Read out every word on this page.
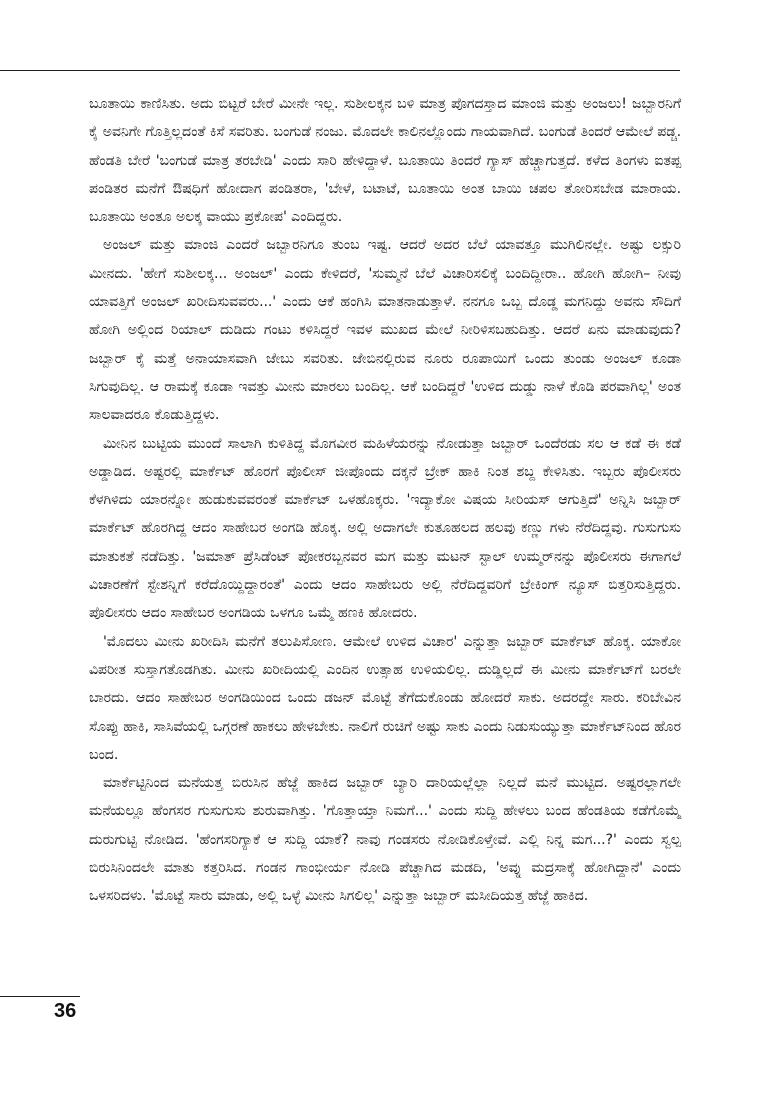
ಬೂತಾಯಿ ಕಾಣಿಸಿತು. ಅದು ಬಿಟ್ಟರೆ ಬೇರೆ ಮೀನೇ ಇಲ್ಲ. ಸುಶೀಲಕ್ಕನ ಬಳಿ ಮಾತ್ರ ಪೊಗದಸ್ತಾದ ಮಾಂಜಿ ಮತ್ತು ಅಂಜಲು! ಜಬ್ಬಾರನಿಗೆ ಕೈ ಅವನಿಗೇ ಗೊತ್ತಿಲ್ಲದಂತೆ ಕಿಸೆ ಸವರಿತು. ಬಂಗುಡೆ ನಂಜು. ಮೊದಲೇ ಕಾಲಿನಲ್ಲೊಂದು ಗಾಯವಾಗಿದೆ. ಬಂಗುಡೆ ತಿಂದರೆ ಆಮೇಲೆ ಪಡ್ಚ. ಹೆಂಡತಿ ಬೇರೆ 'ಬಂಗುಡೆ ಮಾತ್ರ ತರಬೇಡಿ' ಎಂದು ಸಾರಿ ಹೇಳಿದ್ದಾಳೆ. ಬೂತಾಯಿ ತಿಂದರೆ ಗ್ಯಾಸ್ ಹೆಚ್ಚಾಗುತ್ತದೆ. ಕಳೆದ ತಿಂಗಳು ಐತಪ್ಪ ಪಂಡಿತರ ಮನೆಗೆ ಔಷಧಿಗೆ ಹೋದಾಗ ಪಂಡಿತರಾ, 'ಬೇಳೆ, ಬಟಾಟೆ, ಬೂತಾಯಿ ಅಂತ ಬಾಯಿ ಚಪಲ ತೋರಿಸಬೇಡ ಮಾರಾಯ. ಬೂತಾಯಿ ಅಂತೂ ಅಲಕ್ಕ ವಾಯು ಪ್ರಕೋಪ' ಎಂದಿದ್ದರು.

ಅಂಜಲ್ ಮತ್ತು ಮಾಂಜಿ ಎಂದರೆ ಜಬ್ಬಾರನಿಗೂ ತುಂಬ ಇಷ್ಟ. ಆದರೆ ಅದರ ಬೆಲೆ ಯಾವತ್ತೂ ಮುಗಿಲಿನಲ್ಲೇ. ಅಷ್ಟು ಲಕ್ಸುರಿ ಮೀನದು. 'ಹೇಗೆ ಸುಶೀಲಕ್ಕ... ಅಂಜಲ್' ಎಂದು ಕೇಳಿದರೆ, 'ಸುಮ್ಮನೆ ಬೆಲೆ ವಿಚಾರಿಸಲಿಕ್ಕೆ ಬಂದಿದ್ದೀರಾ.. ಹೋಗಿ ಹೋಗಿ– ನೀವು ಯಾವತ್ತಿಗೆ ಅಂಜಲ್ ಖರೀದಿಸುವವರು...' ಎಂದು ಆಕೆ ಹಂಗಿಸಿ ಮಾತನಾಡುತ್ತಾಳೆ. ನನಗೂ ಒಬ್ಬ ದೊಡ್ಡ ಮಗನಿದ್ದು ಅವನು ಸೌದಿಗೆ ಹೋಗಿ ಅಲ್ಲಿಂದ ರಿಯಾಲ್ ದುಡಿದು ಗಂಟು ಕಳಿಸಿದ್ದರೆ ಇವಳ ಮುಖದ ಮೇಲೆ ನೀರಿಳಿಸಬಹುದಿತ್ತು. ಆದರೆ ಏನು ಮಾಡುವುದು? ಜಬ್ಬಾರ್ ಕೈ ಮತ್ತೆ ಅನಾಯಾಸವಾಗಿ ಜೇಬು ಸವರಿತು. ಜೇಬಿನಲ್ಲಿರುವ ನೂರು ರೂಪಾಯಿಗೆ ಒಂದು ತುಂಡು ಅಂಜಲ್ ಕೂಡಾ ಸಿಗುವುದಿಲ್ಲ. ಆ ರಾಮಕ್ಕೆ ಕೂಡಾ ಇವತ್ತು ಮೀನು ಮಾರಲು ಬಂದಿಲ್ಲ. ಆಕೆ ಬಂದಿದ್ದರೆ 'ಉಳಿದ ದುಡ್ಡು ನಾಳೆ ಕೊಡಿ ಪರವಾಗಿಲ್ಲ' ಅಂತ ಸಾಲವಾದರೂ ಕೊಡುತ್ತಿದ್ದಳು.

ಮೀನಿನ ಬುಟ್ಟಿಯ ಮುಂದೆ ಸಾಲಾಗಿ ಕುಳಿತಿದ್ದ ಮೊಗವೀರ ಮಹಿಳೆಯರನ್ನು ನೋಡುತ್ತಾ ಜಬ್ಬಾರ್ ಒಂದೆರಡು ಸಲ ಆ ಕಡೆ ಈ ಕಡೆ ಅಡ್ಡಾಡಿದ. ಅಷ್ಟರಲ್ಲಿ ಮಾರ್ಕೆಟ್ ಹೊರಗೆ ಪೊಲೀಸ್ ಜೀಪೊಂದು ದಕ್ಕನೆ ಬ್ರೇಕ್ ಹಾಕಿ ನಿಂತ ಶಬ್ದ ಕೇಳಿಸಿತು. ಇಬ್ಬರು ಪೊಲೀಸರು ಕೆಳಗಿಳಿದು ಯಾರನ್ನೋ ಹುಡುಕುವವರಂತೆ ಮಾರ್ಕೆಟ್ ಒಳಹೊಕ್ಕರು. 'ಇದ್ಯಾಕೋ ವಿಷಯ ಸೀರಿಯಸ್ ಆಗುತ್ತಿದೆ' ಅನ್ನಿಸಿ ಜಬ್ಬಾರ್ ಮಾರ್ಕೆಟ್ ಹೊರಗಿದ್ದ ಆದಂ ಸಾಹೇಬರ ಅಂಗಡಿ ಹೊಕ್ಕ. ಅಲ್ಲಿ ಅದಾಗಲೇ ಕುತೂಹಲದ ಹಲವು ಕಣ್ಣು ಗಳು ನೆರೆದಿದ್ದವು. ಗುಸುಗುಸು ಮಾತುಕತೆ ನಡೆದಿತ್ತು. 'ಜಮಾತ್ ಪ್ರೆಸಿಡೆಂಟ್ ಪೋಕರಬ್ಬನವರ ಮಗ ಮತ್ತು ಮಟನ್ ಸ್ಟಾಲ್ ಉಮ್ಮರ್‌ನನ್ನು ಪೊಲೀಸರು ಈಗಾಗಲೆ ವಿಚಾರಣೆಗೆ ಸ್ಟೇಶನ್ನಿಗೆ ಕರೆದೊಯ್ದಿದ್ದಾರಂತೆ' ಎಂದು ಆದಂ ಸಾಹೇಬರು ಅಲ್ಲಿ ನೆರೆದಿದ್ದವರಿಗೆ ಬ್ರೇಕಿಂಗ್ ನ್ಯೂಸ್ ಬಿತ್ತರಿಸುತ್ತಿದ್ದರು. ಪೊಲೀಸರು ಆದಂ ಸಾಹೇಬರ ಅಂಗಡಿಯ ಒಳಗೂ ಒಮ್ಮೆ ಹಣಕಿ ಹೋದರು.

'ಮೊದಲು ಮೀನು ಖರೀದಿಸಿ ಮನೆಗೆ ತಲುಪಿಸೋಣ. ಆಮೇಲೆ ಉಳಿದ ವಿಚಾರ' ಎನ್ನುತ್ತಾ ಜಬ್ಬಾರ್ ಮಾರ್ಕೆಟ್ ಹೊಕ್ಕ. ಯಾಕೋ ವಿಪರೀತ ಸುಸ್ತಾಗತೊಡಗಿತು. ಮೀನು ಖರೀದಿಯಲ್ಲಿ ಎಂದಿನ ಉತ್ಸಾಹ ಉಳಿಯಲಿಲ್ಲ. ದುಡ್ಡಿಲ್ಲದೆ ಈ ಮೀನು ಮಾರ್ಕೆಟ್‌ಗೆ ಬರಲೇ ಬಾರದು. ಆದಂ ಸಾಹೇಬರ ಅಂಗಡಿಯಿಂದ ಒಂದು ಡಜನ್ ಮೊಟ್ಟೆ ತೆಗೆದುಕೊಂಡು ಹೋದರೆ ಸಾಕು. ಅದರದ್ದೇ ಸಾರು. ಕರಿಬೇವಿನ ಸೊಪ್ಪು ಹಾಕಿ, ಸಾಸಿವೆಯಲ್ಲಿ ಒಗ್ಗರಣೆ ಹಾಕಲು ಹೇಳಬೇಕು. ನಾಲಿಗೆ ರುಚಿಗೆ ಅಷ್ಟು ಸಾಕು ಎಂದು ನಿಡುಸುಯ್ಯುತ್ತಾ ಮಾರ್ಕೆಟ್‌ನಿಂದ ಹೊರ ಬಂದ.

ಮಾರ್ಕೆಟ್ಟಿನಿಂದ ಮನೆಯತ್ತ ಬಿರುಸಿನ ಹೆಜ್ಜೆ ಹಾಕಿದ ಜಬ್ಬಾರ್ ಬ್ಯಾರಿ ದಾರಿಯಲ್ಲೆಲ್ಲಾ ನಿಲ್ಲದೆ ಮನೆ ಮುಟ್ಟಿದ. ಅಷ್ಟರಲ್ಲಾಗಲೇ ಮನೆಯಲ್ಲೂ ಹೆಂಗಸರ ಗುಸುಗುಸು ಶುರುವಾಗಿತ್ತು. 'ಗೊತ್ತಾಯ್ತಾ ನಿಮಗೆ...' ಎಂದು ಸುದ್ದಿ ಹೇಳಲು ಬಂದ ಹೆಂಡತಿಯ ಕಡೆಗೊಮ್ಮೆ ದುರುಗುಟ್ಟಿ ನೋಡಿದ. 'ಹೆಂಗಸರಿಗ್ಯಾಕೆ ಆ ಸುದ್ದಿ ಯಾಕೆ? ನಾವು ಗಂಡಸರು ನೋಡಿಕೊಳ್ತೇವೆ. ಎಲ್ಲಿ ನಿನ್ನ ಮಗ...?' ಎಂದು ಸ್ವಲ್ಪ ಬಿರುಸಿನಿಂದಲೇ ಮಾತು ಕತ್ತರಿಸಿದ. ಗಂಡನ ಗಾಂಭೀರ್ಯ ನೋಡಿ ಪೆಚ್ಚಾಗಿದ ಮಡದಿ, 'ಅವ್ನು ಮದ್ರಸಾಕ್ಕೆ ಹೋಗಿದ್ದಾನೆ' ಎಂದು ಒಳಸರಿದಳು. 'ಮೊಟ್ಟೆ ಸಾರು ಮಾಡು, ಅಲ್ಲಿ ಒಳ್ಳೆ ಮೀನು ಸಿಗಲಿಲ್ಲ' ಎನ್ನುತ್ತಾ ಜಬ್ಬಾರ್ ಮಸೀದಿಯತ್ತ ಹೆಜ್ಜೆ ಹಾಕಿದ.

36
